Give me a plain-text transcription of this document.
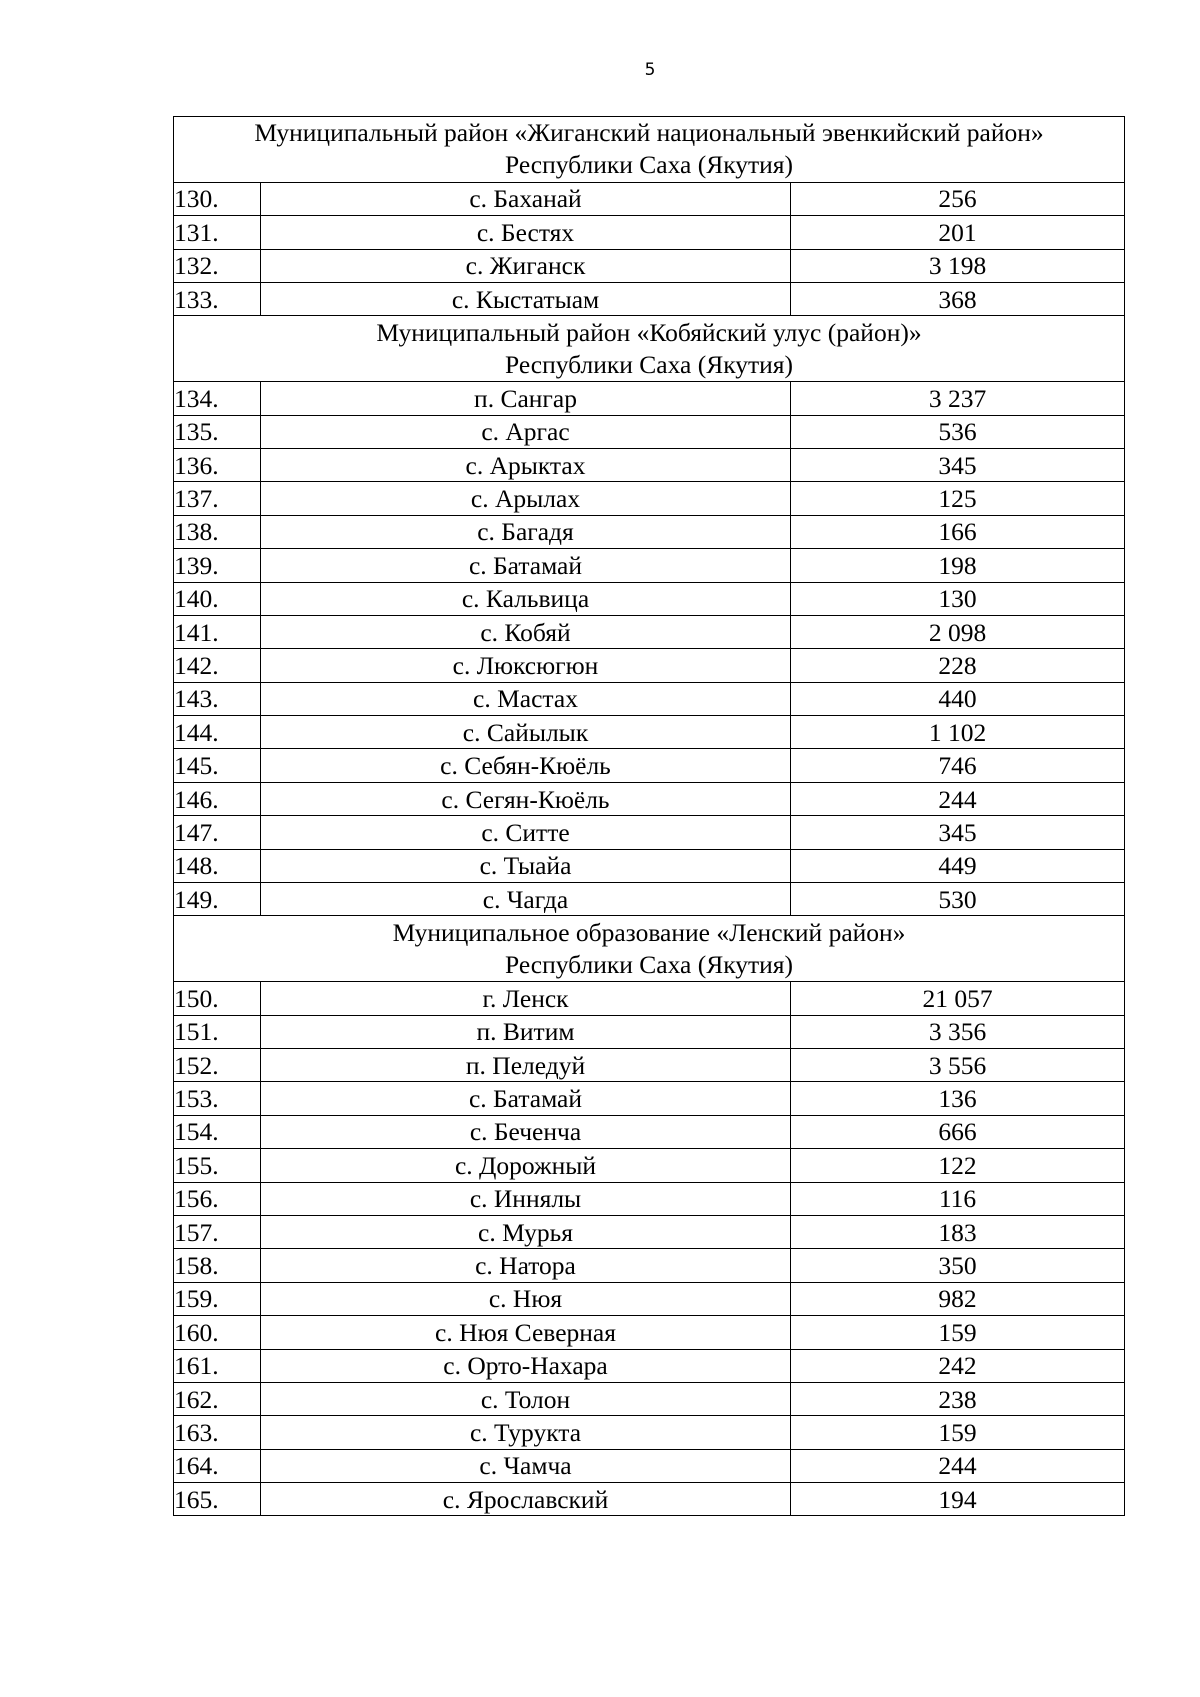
5
Муниципальный район «Жиганский национальный эвенкийский район»
Республики Саха (Якутия)		

130.	с. Баханай	256
131.	с. Бестях	201
132.	с. Жиганск	3 198
133.	с. Кыстатыам	368

Муниципальный район «Кобяйский улус (район)»
Республики Саха (Якутия)		

134.	п. Сангар	3 237
135.	с. Аргас	536
136.	с. Арыктах	345
137.	с. Арылах	125
138.	с. Багадя	166
139.	с. Батамай	198
140.	с. Кальвица	130
141.	с. Кобяй	2 098
142.	с. Люксюгюн	228
143.	с. Мастах	440
144.	с. Сайылык	1 102
145.	с. Себян-Кюёль	746
146.	с. Сегян-Кюёль	244
147.	с. Ситте	345
148.	с. Тыайа	449
149.	с. Чагда	530

Муниципальное образование «Ленский район»
Республики Саха (Якутия)		

150.	г. Ленск	21 057
151.	п. Витим	3 356
152.	п. Пеледуй	3 556
153.	с. Батамай	136
154.	с. Беченча	666
155.	с. Дорожный	122
156.	с. Иннялы	116
157.	с. Мурья	183
158.	с. Натора	350
159.	с. Нюя	982
160.	с. Нюя Северная	159
161.	с. Орто-Нахара	242
162.	с. Толон	238
163.	с. Турукта	159
164.	с. Чамча	244
165.	с. Ярославский	194
